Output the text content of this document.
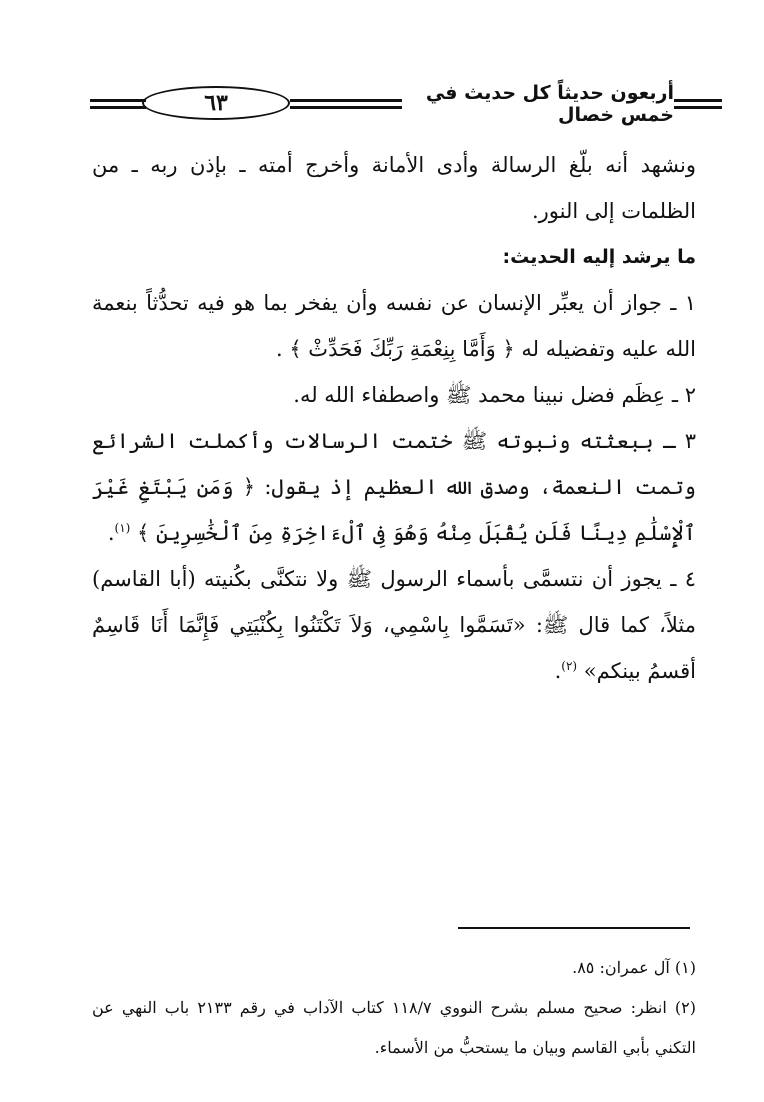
٦٣	أربعون حديثاً كل حديث في خمس خصال

ونشهد أنه بلّغ الرسالة وأدى الأمانة وأخرج أمته ـ بإذن ربه ـ من الظلمات إلى النور.

ما يرشد إليه الحديث:

١ ـ جواز أن يعبِّر الإنسان عن نفسه وأن يفخر بما هو فيه تحدُّثاً بنعمة الله عليه وتفضيله له ﴿ وَأَمَّا بِنِعْمَةِ رَبِّكَ فَحَدِّثْ ﴾ .

٢ ـ عِظَم فضل نبينا محمد ﷺ واصطفاء الله له.

٣ ـ ببعثته ونبوته ﷺ ختمت الرسالات وأكملت الشرائع وتمت النعمة، وصدق الله العظيم إذ يقول: ﴿ وَمَن يَبْتَغِ غَيْرَ ٱلْإِسْلَٰمِ دِينًا فَلَن يُقْبَلَ مِنْهُ وَهُوَ فِى ٱلْءَاخِرَةِ مِنَ ٱلْخَٰسِرِينَ ﴾ $^{(١)}$.

٤ ـ يجوز أن نتسمَّى بأسماء الرسول ﷺ ولا نتكنَّى بكُنيته (أبا القاسم) مثلاً، كما قال ﷺ: «تَسَمَّوا بِاسْمِي، وَلاَ تَكْتَنُوا بِكُنْيَتِي فَإِنَّمَا أَنَا قَاسِمٌ أقسمُ بينكم» $^{(٢)}$.

(١) آل عمران: ٨٥.

(٢) انظر: صحيح مسلم بشرح النووي ١١٨/٧ كتاب الآداب في رقم ٢١٣٣ باب النهي عن التكني بأبي القاسم وبيان ما يستحبُّ من الأسماء.
